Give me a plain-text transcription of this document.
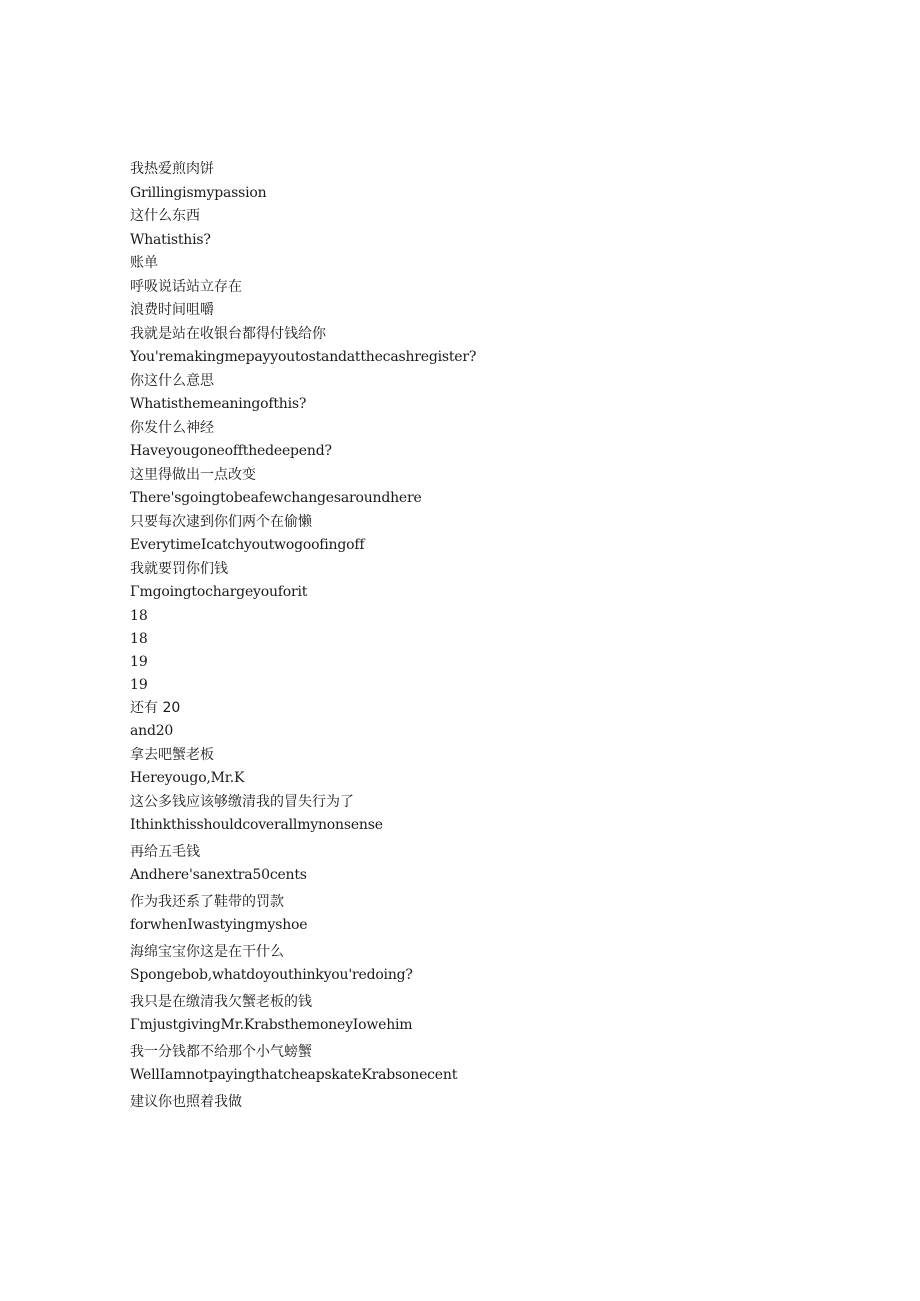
我热爱煎肉饼
Grillingismypassion
这什么东西
Whatisthis?
账单
呼吸说话站立存在
浪费时间咀嚼
我就是站在收银台都得付钱给你
You'remakingmepayyoutostandatthecashregister?
你这什么意思
Whatisthemeaningofthis?
你发什么神经
Haveyougoneoffthedeepend?
这里得做出一点改变
There'sgoingtobeafewchangesaroundhere
只要每次逮到你们两个在偷懒
EverytimeIcatchyoutwogoofingoff
我就要罚你们钱
Γmgoingtochargeyouforit
18
18
19
19
还有 20
and20
拿去吧蟹老板
Hereyougo,Mr.K
这公多钱应该够缴清我的冒失行为了
Ithinkthisshouldcoverallmynonsense
再给五毛钱
Andhere'sanextra50cents
作为我还系了鞋带的罚款
forwhenIwastyingmyshoe
海绵宝宝你这是在干什么
Spongebob,whatdoyouthinkyou'redoing?
我只是在缴清我欠蟹老板的钱
ΓmjustgivingMr.KrabsthemoneyIowehim
我一分钱都不给那个小气螃蟹
WellIamnotpayingthatcheapskateKrabsonecent
建议你也照着我做
